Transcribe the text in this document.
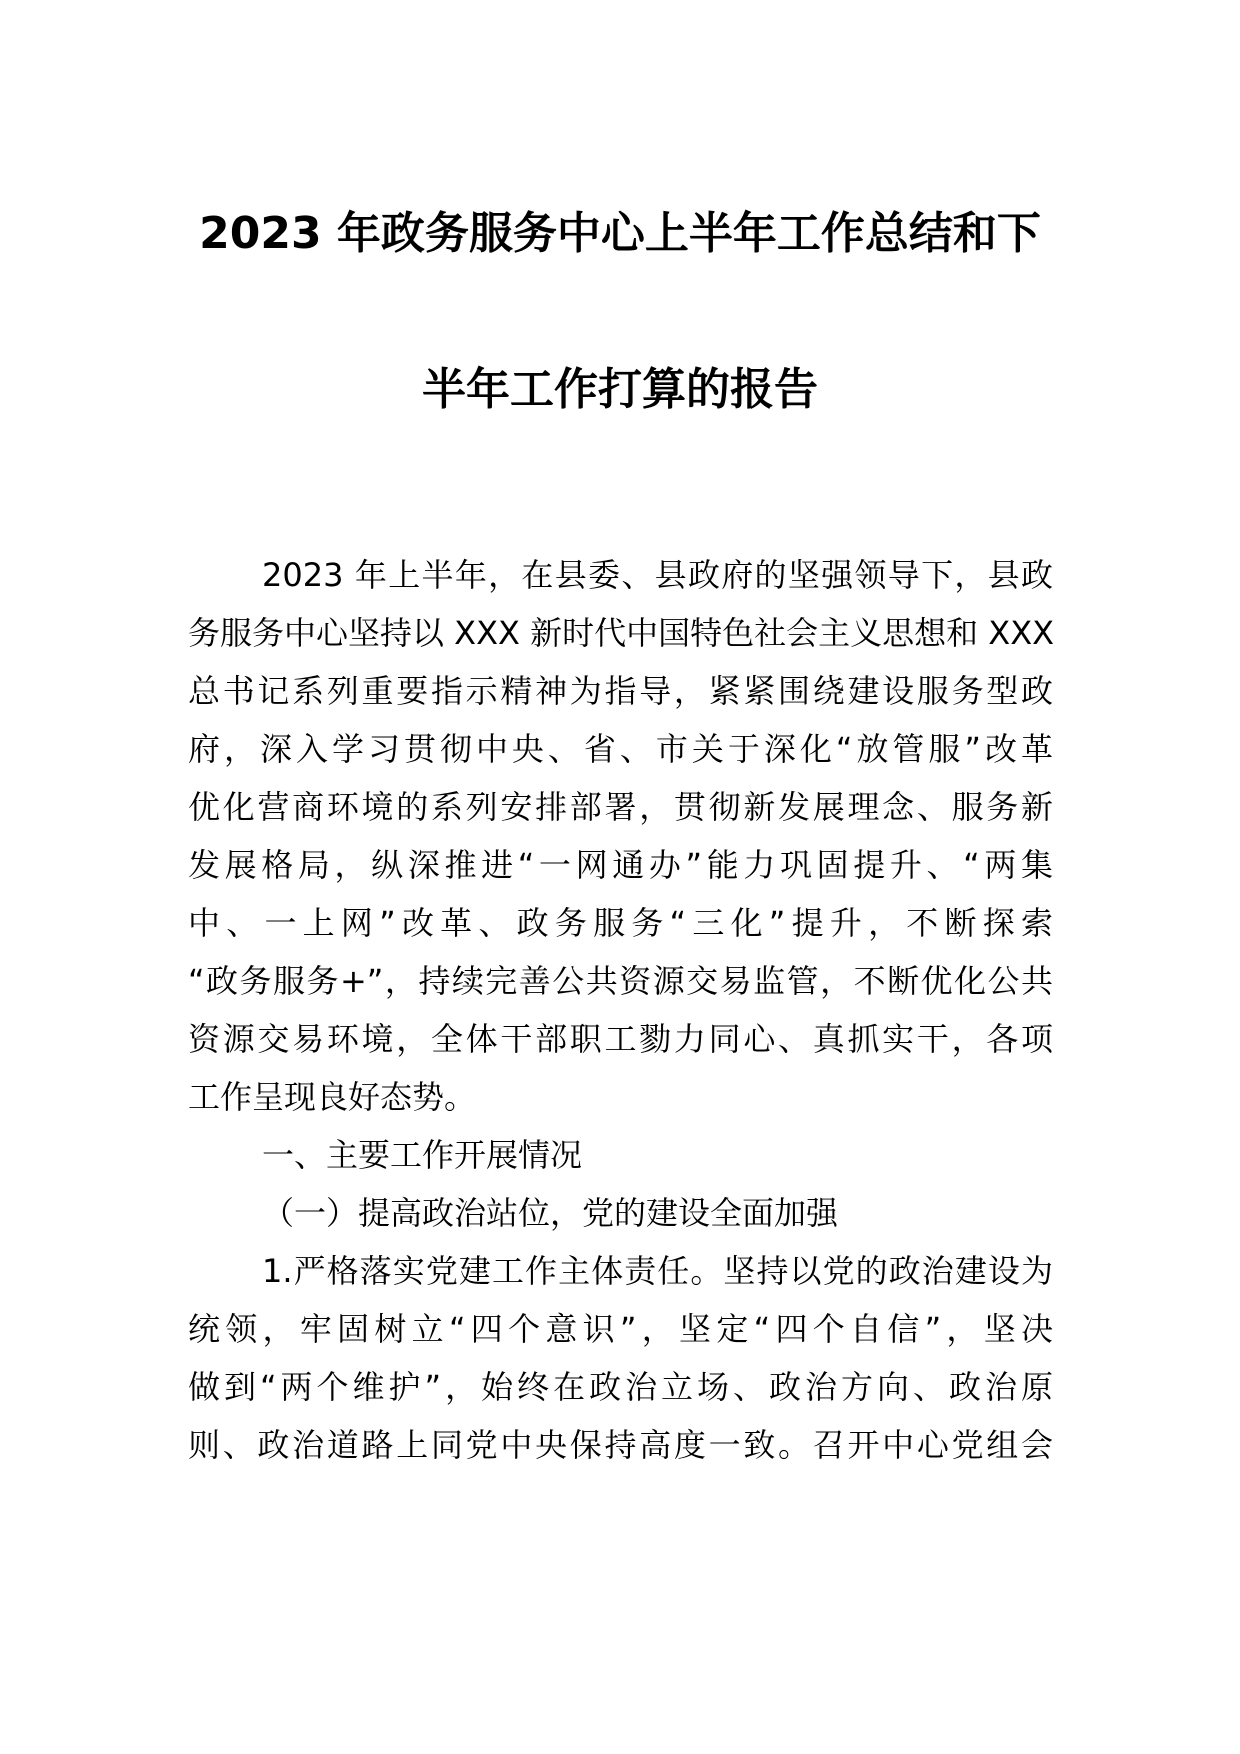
2023 年政务服务中心上半年工作总结和下
半年工作打算的报告
2023 年上半年，在县委、县政府的坚强领导下，县政
务服务中心坚持以 XXX 新时代中国特色社会主义思想和 XXX
总书记系列重要指示精神为指导，紧紧围绕建设服务型政
府，深入学习贯彻中央、省、市关于深化“放管服”改革
优化营商环境的系列安排部署，贯彻新发展理念、服务新
发展格局，纵深推进“一网通办”能力巩固提升、“两集
中、一上网”改革、政务服务“三化”提升，不断探索
“政务服务+”，持续完善公共资源交易监管，不断优化公共
资源交易环境，全体干部职工勠力同心、真抓实干，各项
工作呈现良好态势。
一、主要工作开展情况
（一）提高政治站位，党的建设全面加强
1.严格落实党建工作主体责任。坚持以党的政治建设为
统领，牢固树立“四个意识”，坚定“四个自信”，坚决
做到“两个维护”，始终在政治立场、政治方向、政治原
则、政治道路上同党中央保持高度一致。召开中心党组会
